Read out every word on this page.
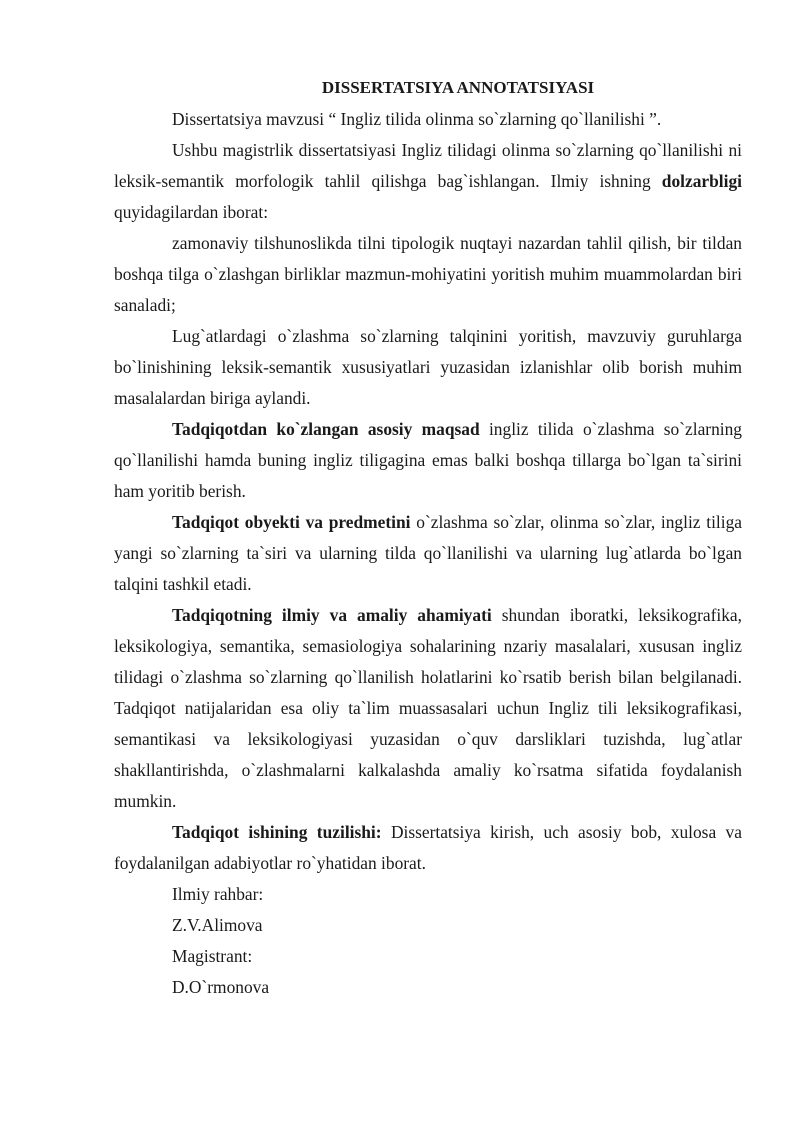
DISSERTATSIYA ANNOTATSIYASI

Dissertatsiya mavzusi “ Ingliz tilida olinma so`zlarning qo`llanilishi ”.

Ushbu magistrlik dissertatsiyasi Ingliz tilidagi olinma so`zlarning qo`llanilishi ni leksik-semantik morfologik tahlil qilishga bag`ishlangan. Ilmiy ishning dolzarbligi quyidagilardan iborat:

zamonaviy tilshunoslikda tilni tipologik nuqtayi nazardan tahlil qilish, bir tildan boshqa tilga o`zlashgan birliklar mazmun-mohiyatini yoritish muhim muammolardan biri sanaladi;

Lug`atlardagi o`zlashma so`zlarning talqinini yoritish, mavzuviy guruhlarga bo`linishining leksik-semantik xususiyatlari yuzasidan izlanishlar olib borish muhim masalalardan biriga aylandi.

Tadqiqotdan ko`zlangan asosiy maqsad ingliz tilida o`zlashma so`zlarning qo`llanilishi hamda buning ingliz tiligagina emas balki boshqa tillarga bo`lgan ta`sirini ham yoritib berish.

Tadqiqot obyekti va predmetini o`zlashma so`zlar, olinma so`zlar, ingliz tiliga yangi so`zlarning ta`siri va ularning tilda qo`llanilishi va ularning lug`atlarda bo`lgan talqini tashkil etadi.

Tadqiqotning ilmiy va amaliy ahamiyati shundan iboratki, leksikografika, leksikologiya, semantika, semasiologiya sohalarining nzariy masalalari, xususan ingliz tilidagi o`zlashma so`zlarning qo`llanilish holatlarini ko`rsatib berish bilan belgilanadi. Tadqiqot natijalaridan esa oliy ta`lim muassasalari uchun Ingliz tili leksikografikasi, semantikasi va leksikologiyasi yuzasidan o`quv darsliklari tuzishda, lug`atlar shakllantirishda, o`zlashmalarni kalkalashda amaliy ko`rsatma sifatida foydalanish mumkin.

Tadqiqot ishining tuzilishi: Dissertatsiya kirish, uch asosiy bob, xulosa va foydalanilgan adabiyotlar ro`yhatidan iborat.

Ilmiy rahbar:

Z.V.Alimova

Magistrant:

D.O`rmonova
